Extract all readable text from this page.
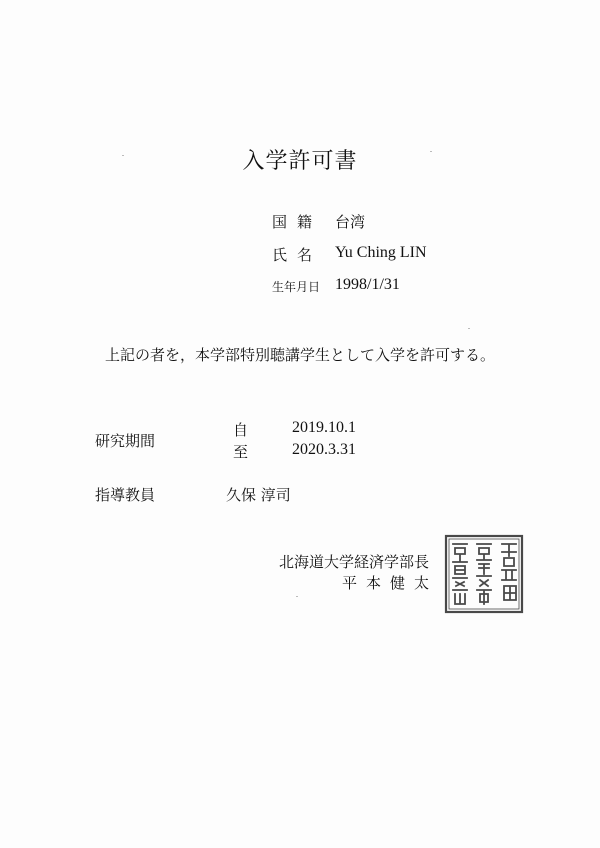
入学許可書
国籍 台湾
氏名 Yu Ching LIN
生年月日 1998/1/31
上記の者を，本学部特別聴講学生として入学を許可する。
研究期間
自	2019.10.1
至	2020.3.31
指導教員	久保 淳司
北海道大学経済学部長
平本健太
